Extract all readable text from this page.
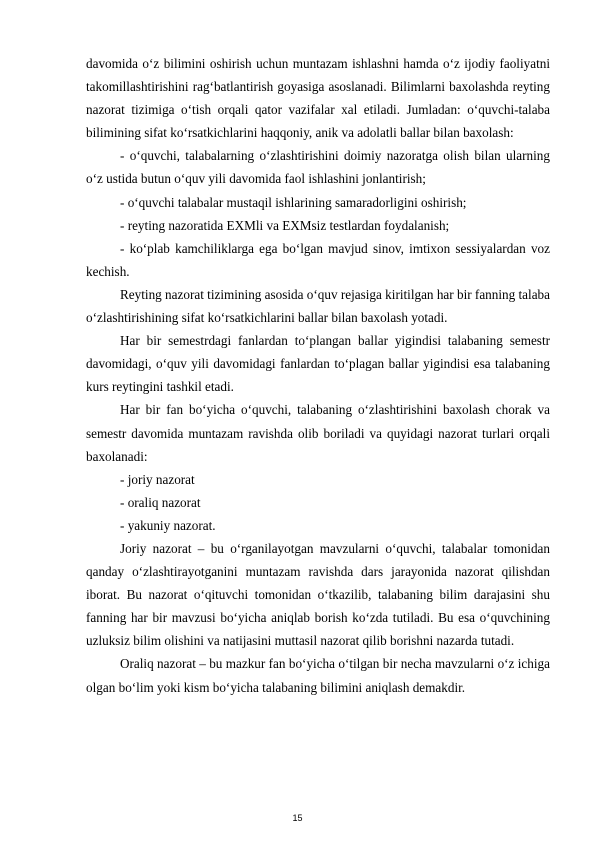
davomida o‘z bilimini oshirish uchun muntazam ishlashni hamda o‘z ijodiy faoliyatni takomillashtirishini rag‘batlantirish goyasiga asoslanadi. Bilimlarni baxolashda reyting nazorat tizimiga o‘tish orqali qator vazifalar xal etiladi. Jumladan: o‘quvchi-talaba bilimining sifat ko‘rsatkichlarini haqqoniy, anik va adolatli ballar bilan baxolash:

- o‘quvchi, talabalarning o‘zlashtirishini doimiy nazoratga olish bilan ularning o‘z ustida butun o‘quv yili davomida faol ishlashini jonlantirish;

- o‘quvchi talabalar mustaqil ishlarining samaradorligini oshirish;

- reyting nazoratida EXMli va EXMsiz testlardan foydalanish;

- ko‘plab kamchiliklarga ega bo‘lgan mavjud sinov, imtixon sessiyalardan voz kechish.

Reyting nazorat tizimining asosida o‘quv rejasiga kiritilgan har bir fanning talaba o‘zlashtirishining sifat ko‘rsatkichlarini ballar bilan baxolash yotadi.

Har bir semestrdagi fanlardan to‘plangan ballar yigindisi talabaning semestr davomidagi, o‘quv yili davomidagi fanlardan to‘plagan ballar yigindisi esa talabaning kurs reytingini tashkil etadi.

Har bir fan bo‘yicha o‘quvchi, talabaning o‘zlashtirishini baxolash chorak va semestr davomida muntazam ravishda olib boriladi va quyidagi nazorat turlari orqali baxolanadi:

- joriy nazorat

- oraliq nazorat

- yakuniy nazorat.

Joriy nazorat – bu o‘rganilayotgan mavzularni o‘quvchi, talabalar tomonidan qanday o‘zlashtirayotganini muntazam ravishda dars jarayonida nazorat qilishdan iborat. Bu nazorat o‘qituvchi tomonidan o‘tkazilib, talabaning bilim darajasini shu fanning har bir mavzusi bo‘yicha aniqlab borish ko‘zda tutiladi. Bu esa o‘quvchining uzluksiz bilim olishini va natijasini muttasil nazorat qilib borishni nazarda tutadi.

Oraliq nazorat – bu mazkur fan bo‘yicha o‘tilgan bir necha mavzularni o‘z ichiga olgan bo‘lim yoki kism bo‘yicha talabaning bilimini aniqlash demakdir.

15
